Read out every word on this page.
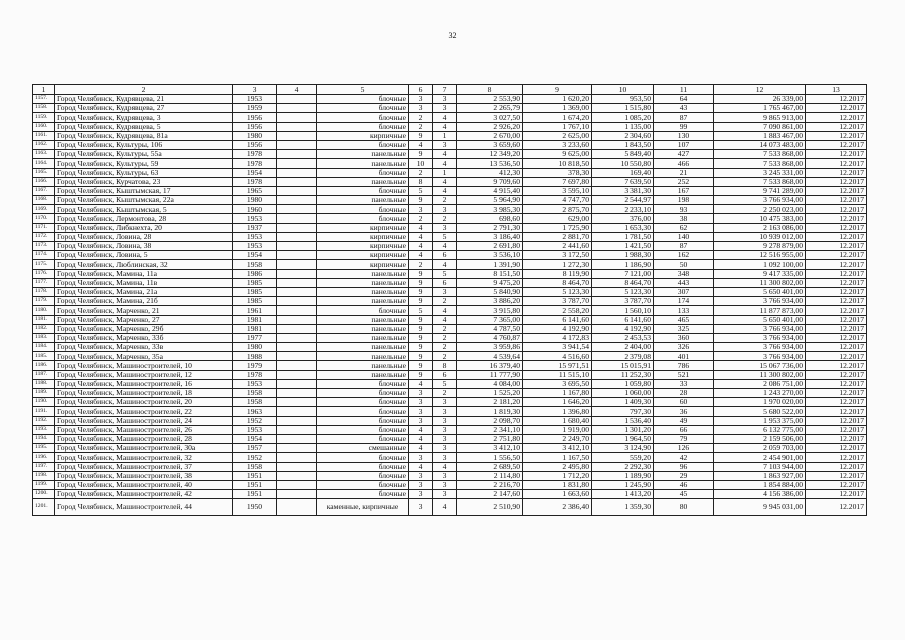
32
1	2	3	4	5	6	7	8	9	10	11	12	13
1157.	Город Челябинск, Кудрявцева, 21	1953		блочные	3	3	2 553,90	1 620,20	953,50	64	26 339,00	12.2017
1158.	Город Челябинск, Кудрявцева, 27	1959		блочные	3	3	2 265,79	1 369,00	1 515,80	43	1 765 467,00	12.2017
1159.	Город Челябинск, Кудрявцева, 3	1956		блочные	2	4	3 027,50	1 674,20	1 085,20	87	9 865 913,00	12.2017
1160.	Город Челябинск, Кудрявцева, 5	1956		блочные	2	4	2 926,20	1 767,10	1 135,00	99	7 090 861,00	12.2017
1161.	Город Челябинск, Кудрявцева, 81а	1980		кирпичные	9	1	2 670,00	2 625,00	2 304,60	130	1 883 467,00	12.2017
1162.	Город Челябинск, Культуры, 106	1956		блочные	4	3	3 659,60	3 233,60	1 843,50	107	14 073 483,00	12.2017
1163.	Город Челябинск, Культуры, 55а	1978		панельные	9	4	12 349,20	9 625,00	5 849,40	427	7 533 868,00	12.2017
1164.	Город Челябинск, Культуры, 59	1978		панельные	10	4	13 536,50	10 818,50	10 550,80	466	7 533 868,00	12.2017
1165.	Город Челябинск, Культуры, 63	1954		блочные	2	1	412,30	378,30	169,40	21	3 245 331,00	12.2017
1166.	Город Челябинск, Курчатова, 23	1978		панельные	8	4	9 709,60	7 697,80	7 639,50	252	7 533 868,00	12.2017
1167.	Город Челябинск, Кыштымская, 17	1965		блочные	5	4	4 915,40	3 595,10	3 381,30	167	9 741 289,00	12.2017
1168.	Город Челябинск, Кыштымская, 22а	1980		панельные	9	2	5 964,90	4 747,70	2 544,97	198	3 766 934,00	12.2017
1169.	Город Челябинск, Кыштымская, 5	1960		блочные	3	3	3 985,30	2 875,70	2 233,10	93	2 250 023,00	12.2017
1170.	Город Челябинск, Лермонтова, 28	1953		блочные	2	2	698,60	629,00	376,00	38	10 475 383,00	12.2017
1171.	Город Челябинск, Либкнехта, 20	1937		кирпичные	4	3	2 791,30	1 725,90	1 653,30	62	2 163 086,00	12.2017
1172.	Город Челябинск, Ловина, 28	1953		кирпичные	4	5	3 186,40	2 881,70	1 781,50	140	10 939 012,00	12.2017
1173.	Город Челябинск, Ловина, 38	1953		кирпичные	4	4	2 691,80	2 441,60	1 421,50	87	9 278 879,00	12.2017
1174.	Город Челябинск, Ловина, 5	1954		кирпичные	4	6	3 536,10	3 172,50	1 988,30	162	12 516 955,00	12.2017
1175.	Город Челябинск, Люблинская, 32	1958		кирпичные	2	4	1 391,90	1 272,30	1 186,90	50	1 092 100,00	12.2017
1176.	Город Челябинск, Мамина, 11а	1986		панельные	9	5	8 151,50	8 119,90	7 121,00	348	9 417 335,00	12.2017
1177.	Город Челябинск, Мамина, 11в	1985		панельные	9	6	9 475,20	8 464,70	8 464,70	443	11 300 802,00	12.2017
1178.	Город Челябинск, Мамина, 21а	1985		панельные	9	3	5 840,90	5 123,30	5 123,30	307	5 650 401,00	12.2017
1179.	Город Челябинск, Мамина, 21б	1985		панельные	9	2	3 886,20	3 787,70	3 787,70	174	3 766 934,00	12.2017
1180.	Город Челябинск, Марченко, 21	1961		блочные	5	4	3 915,80	2 558,20	1 560,10	133	11 877 873,00	12.2017
1181.	Город Челябинск, Марченко, 27	1981		панельные	9	4	7 365,00	6 141,60	6 141,60	465	5 650 401,00	12.2017
1182.	Город Челябинск, Марченко, 29б	1981		панельные	9	2	4 787,50	4 192,90	4 192,90	325	3 766 934,00	12.2017
1183.	Город Челябинск, Марченко, 33б	1977		панельные	9	2	4 760,87	4 172,83	2 453,53	360	3 766 934,00	12.2017
1184.	Город Челябинск, Марченко, 33в	1980		панельные	9	2	3 959,86	3 941,54	2 404,00	326	3 766 934,00	12.2017
1185.	Город Челябинск, Марченко, 35а	1988		панельные	9	2	4 539,64	4 516,60	2 379,08	401	3 766 934,00	12.2017
1186.	Город Челябинск, Машиностроителей, 10	1979		панельные	9	8	16 379,40	15 971,51	15 015,91	786	15 067 736,00	12.2017
1187.	Город Челябинск, Машиностроителей, 12	1978		панельные	9	6	11 777,90	11 515,10	11 252,30	521	11 300 802,00	12.2017
1188.	Город Челябинск, Машиностроителей, 16	1953		блочные	4	5	4 084,00	3 695,50	1 059,80	33	2 086 751,00	12.2017
1189.	Город Челябинск, Машиностроителей, 18	1958		блочные	3	2	1 525,20	1 167,80	1 060,00	28	1 243 270,00	12.2017
1190.	Город Челябинск, Машиностроителей, 20	1958		блочные	3	3	2 181,20	1 646,20	1 409,30	60	1 970 020,00	12.2017
1191.	Город Челябинск, Машиностроителей, 22	1963		блочные	3	3	1 819,30	1 396,80	797,30	36	5 680 522,00	12.2017
1192.	Город Челябинск, Машиностроителей, 24	1952		блочные	3	3	2 098,70	1 680,40	1 536,40	49	1 953 375,00	12.2017
1193.	Город Челябинск, Машиностроителей, 26	1953		блочные	4	3	2 341,10	1 919,00	1 301,20	66	6 132 775,00	12.2017
1194.	Город Челябинск, Машиностроителей, 28	1954		блочные	4	3	2 751,80	2 249,70	1 964,50	79	2 159 506,00	12.2017
1195.	Город Челябинск, Машиностроителей, 30а	1957		смешанные	4	3	3 412,10	3 412,10	3 124,90	126	2 059 703,00	12.2017
1196.	Город Челябинск, Машиностроителей, 32	1952		блочные	3	3	1 556,50	1 167,50	559,20	42	2 454 901,00	12.2017
1197.	Город Челябинск, Машиностроителей, 37	1958		блочные	4	4	2 689,50	2 495,80	2 292,30	96	7 103 944,00	12.2017
1198.	Город Челябинск, Машиностроителей, 38	1951		блочные	3	3	2 114,80	1 712,20	1 189,90	29	1 863 927,00	12.2017
1199.	Город Челябинск, Машиностроителей, 40	1951		блочные	3	3	2 216,70	1 831,80	1 245,90	46	1 854 884,00	12.2017
1200.	Город Челябинск, Машиностроителей, 42	1951		блочные	3	3	2 147,60	1 663,60	1 413,20	45	4 156 386,00	12.2017
1201.	Город Челябинск, Машиностроителей, 44	1950		каменные, кирпичные	3	4	2 510,90	2 386,40	1 359,30	80	9 945 031,00	12.2017
